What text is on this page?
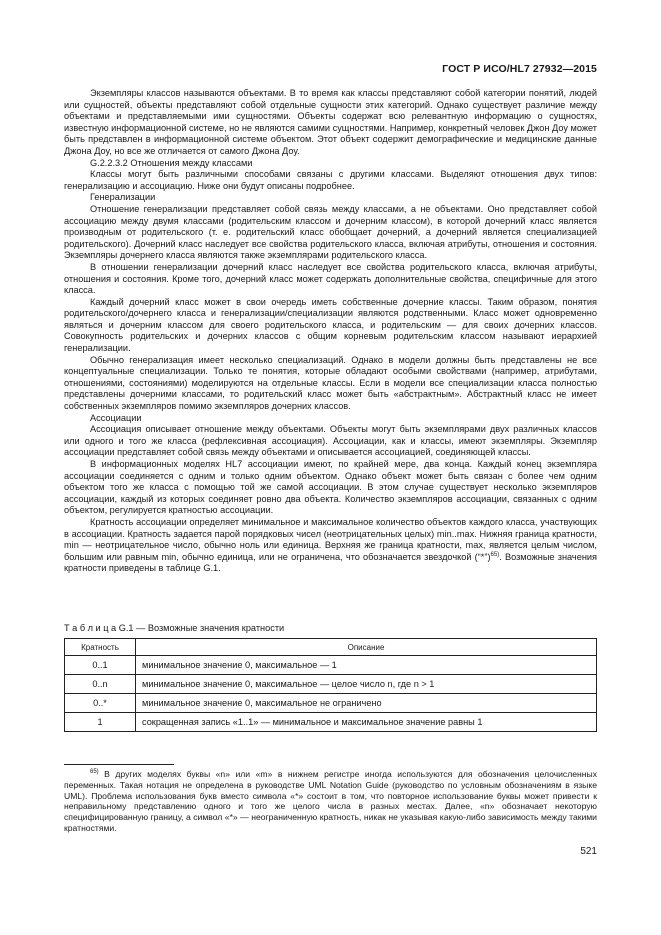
ГОСТ Р ИСО/HL7 27932—2015

Экземпляры классов называются объектами. В то время как классы представляют собой категории понятий, людей или сущностей, объекты представляют собой отдельные сущности этих категорий. Однако существует различие между объектами и представляемыми ими сущностями. Объекты содержат всю релевантную информацию о сущностях, известную информационной системе, но не являются самими сущностями. Например, конкретный человек Джон Доу может быть представлен в информационной системе объектом. Этот объект содержит демографические и медицинские данные Джона Доу, но все же отличается от самого Джона Доу.

G.2.2.3.2 Отношения между классами

Классы могут быть различными способами связаны с другими классами. Выделяют отношения двух типов: генерализацию и ассоциацию. Ниже они будут описаны подробнее.

Генерализации

Отношение генерализации представляет собой связь между классами, а не объектами. Оно представляет собой ассоциацию между двумя классами (родительским классом и дочерним классом), в которой дочерний класс является производным от родительского (т. е. родительский класс обобщает дочерний, а дочерний является специализацией родительского). Дочерний класс наследует все свойства родительского класса, включая атрибуты, отношения и состояния. Экземпляры дочернего класса являются также экземплярами родительского класса.

В отношении генерализации дочерний класс наследует все свойства родительского класса, включая атрибуты, отношения и состояния. Кроме того, дочерний класс может содержать дополнительные свойства, специфичные для этого класса.

Каждый дочерний класс может в свои очередь иметь собственные дочерние классы. Таким образом, понятия родительского/дочернего класса и генерализации/специализации являются родственными. Класс может одновременно являться и дочерним классом для своего родительского класса, и родительским — для своих дочерних классов. Совокупность родительских и дочерних классов с общим корневым родительским классом называют иерархией генерализации.

Обычно генерализация имеет несколько специализаций. Однако в модели должны быть представлены не все концептуальные специализации. Только те понятия, которые обладают особыми свойствами (например, атрибутами, отношениями, состояниями) моделируются на отдельные классы. Если в модели все специализации класса полностью представлены дочерними классами, то родительский класс может быть «абстрактным». Абстрактный класс не имеет собственных экземпляров помимо экземпляров дочерних классов.

Ассоциации

Ассоциация описывает отношение между объектами. Объекты могут быть экземплярами двух различных классов или одного и того же класса (рефлексивная ассоциация). Ассоциации, как и классы, имеют экземпляры. Экземпляр ассоциации представляет собой связь между объектами и описывается ассоциацией, соединяющей классы.

В информационных моделях HL7 ассоциации имеют, по крайней мере, два конца. Каждый конец экземпляра ассоциации соединяется с одним и только одним объектом. Однако объект может быть связан с более чем одним объектом того же класса с помощью той же самой ассоциации. В этом случае существует несколько экземпляров ассоциации, каждый из которых соединяет ровно два объекта. Количество экземпляров ассоциации, связанных с одним объектом, регулируется кратностью ассоциации.

Кратность ассоциации определяет минимальное и максимальное количество объектов каждого класса, участвующих в ассоциации. Кратность задается парой порядковых чисел (неотрицательных целых) min..max. Нижняя граница кратности, min — неотрицательное число, обычно ноль или единица. Верхняя же граница кратности, max, является целым числом, большим или равным min, обычно единица, или не ограничена, что обозначается звездочкой (“*”)$^{65)}$. Возможные значения кратности приведены в таблице G.1.

Т а б л и ц а G.1 — Возможные значения кратности
Кратность	Описание
0..1	минимальное значение 0, максимальное — 1
0..n	минимальное значение 0, максимальное — целое число n, где n > 1
0..*	минимальное значение 0, максимальное не ограничено
1	сокращенная запись «1..1» — минимальное и максимальное значение равны 1

$^{65)}$ В других моделях буквы «n» или «m» в нижнем регистре иногда используются для обозначения целочисленных переменных. Такая нотация не определена в руководстве UML Notation Guide (руководство по условным обозначениям в языке UML). Проблема использования букв вместо символа «*» состоит в том, что повторное использование буквы может привести к неправильному представлению одного и того же целого числа в разных местах. Далее, «n» обозначает некоторую специфицированную границу, а символ «*» — неограниченную кратность, никак не указывая какую-либо зависимость между такими кратностями.

521
